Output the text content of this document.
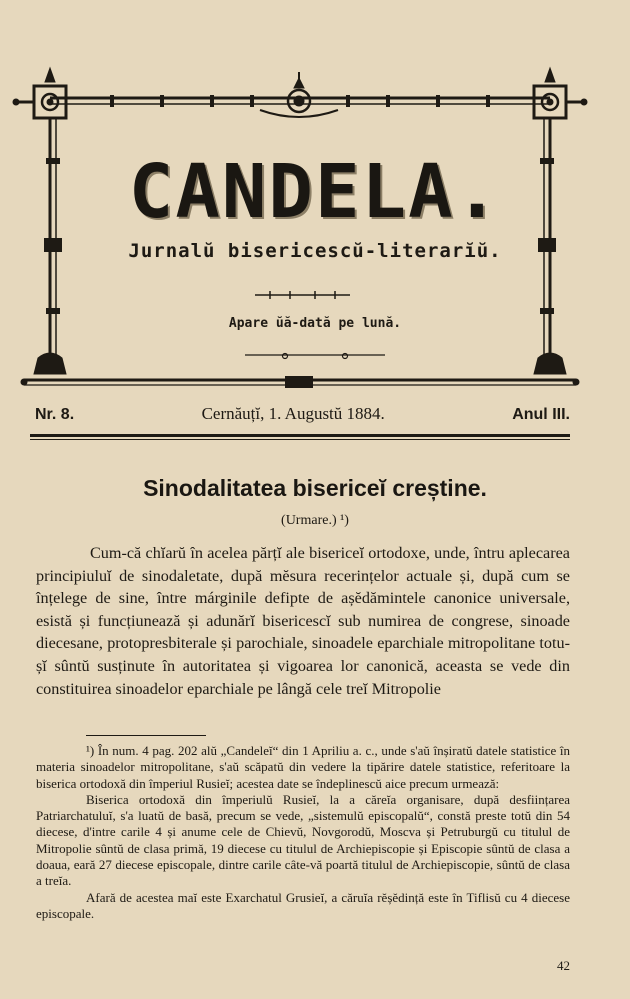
CANDELA.
Jurnalŭ bisericescŭ-literarĭŭ.
Apare ŭă-dată pe lună.
Nr. 8.	Cernăuțĭ, 1. Augustŭ 1884.	Anul III.
Sinodalitatea bisericeĭ creștine.
(Urmare.) ¹)
Cum-că chĭarŭ în acelea părțĭ ale bisericeĭ ortodoxe, unde, întru aplecarea principiuluĭ de sinodaletate, după mĕsura recerințelor actuale și, după cum se înțelege de sine, între márginile defipte de așĕdămintele canonice universale, esistă și funcțiunează și adunărĭ bisericescĭ sub numirea de congrese, sinoade diecesane, protopresbiterale și parochiale, sinoadele eparchiale mitropolitane totu-șĭ sûntŭ susținute în autoritatea și vigoarea lor canonică, aceasta se vede din constituirea sinoadelor eparchiale pe lângă cele treĭ Mitropolie

¹) În num. 4 pag. 202 alŭ „Candeleĭ“ din 1 Apriliu a. c., unde s'aŭ înșiratŭ datele statistice în materia sinoadelor mitropolitane, s'aŭ scăpatŭ din vedere la tipărire datele statistice, referitoare la biserica ortodoxă din împeriul Rusieĭ; acestea date se îndeplinescŭ aice precum urmează:

Biserica ortodoxă din împeriulŭ Rusieĭ, la a căreĭa organisare, după desființarea Patriarchatuluĭ, s'a luatŭ de basă, precum se vede, „sistemulŭ episcopalŭ“, constă preste totŭ din 54 diecese, d'intre carile 4 și anume cele de Chievŭ, Novgorodŭ, Moscva și Petruburgŭ cu titulul de Mitropolie sûntŭ de clasa primă, 19 diecese cu titulul de Archiepiscopie și Episcopie sûntŭ de clasa a doaua, eară 27 diecese episcopale, dintre carile câte-vă poartă titulul de Archiepiscopie, sûntŭ de clasa a treĭa.

Afară de acestea maĭ este Exarchatul Grusieĭ, a căruĭa rĕșĕdință este în Tiflisŭ cu 4 diecese episcopale.

42
